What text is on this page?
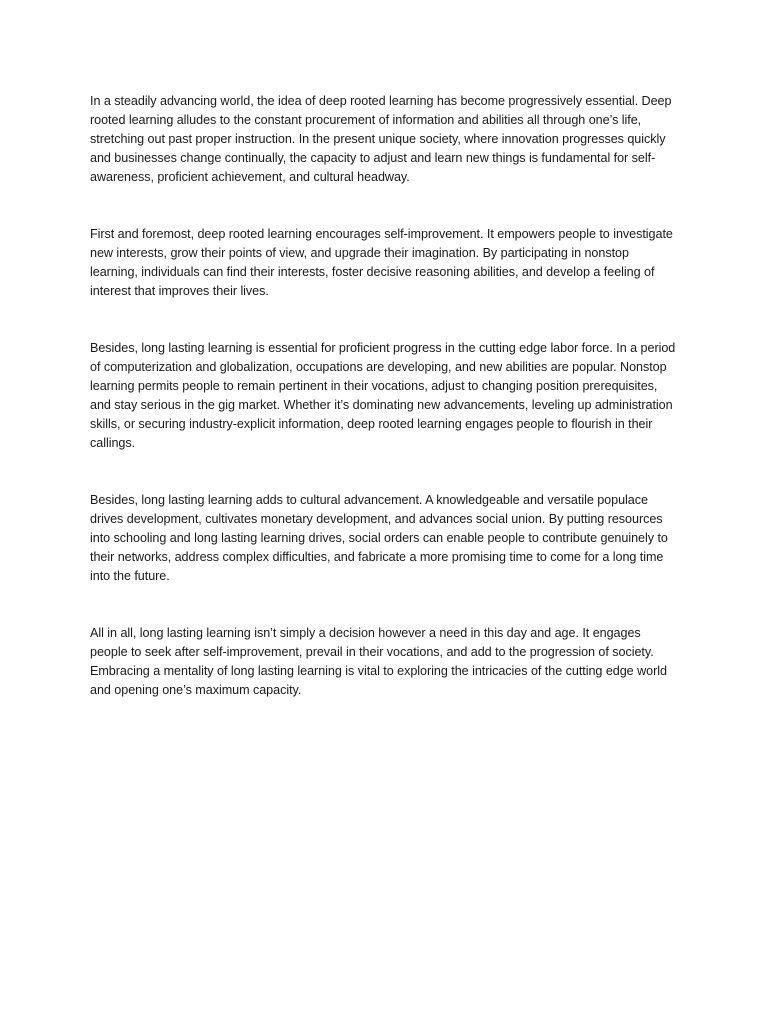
In a steadily advancing world, the idea of deep rooted learning has become progressively essential. Deep rooted learning alludes to the constant procurement of information and abilities all through one’s life, stretching out past proper instruction. In the present unique society, where innovation progresses quickly and businesses change continually, the capacity to adjust and learn new things is fundamental for self-awareness, proficient achievement, and cultural headway.

First and foremost, deep rooted learning encourages self-improvement. It empowers people to investigate new interests, grow their points of view, and upgrade their imagination. By participating in nonstop learning, individuals can find their interests, foster decisive reasoning abilities, and develop a feeling of interest that improves their lives.

Besides, long lasting learning is essential for proficient progress in the cutting edge labor force. In a period of computerization and globalization, occupations are developing, and new abilities are popular. Nonstop learning permits people to remain pertinent in their vocations, adjust to changing position prerequisites, and stay serious in the gig market. Whether it’s dominating new advancements, leveling up administration skills, or securing industry-explicit information, deep rooted learning engages people to flourish in their callings.

Besides, long lasting learning adds to cultural advancement. A knowledgeable and versatile populace drives development, cultivates monetary development, and advances social union. By putting resources into schooling and long lasting learning drives, social orders can enable people to contribute genuinely to their networks, address complex difficulties, and fabricate a more promising time to come for a long time into the future.

All in all, long lasting learning isn’t simply a decision however a need in this day and age. It engages people to seek after self-improvement, prevail in their vocations, and add to the progression of society. Embracing a mentality of long lasting learning is vital to exploring the intricacies of the cutting edge world and opening one’s maximum capacity.
